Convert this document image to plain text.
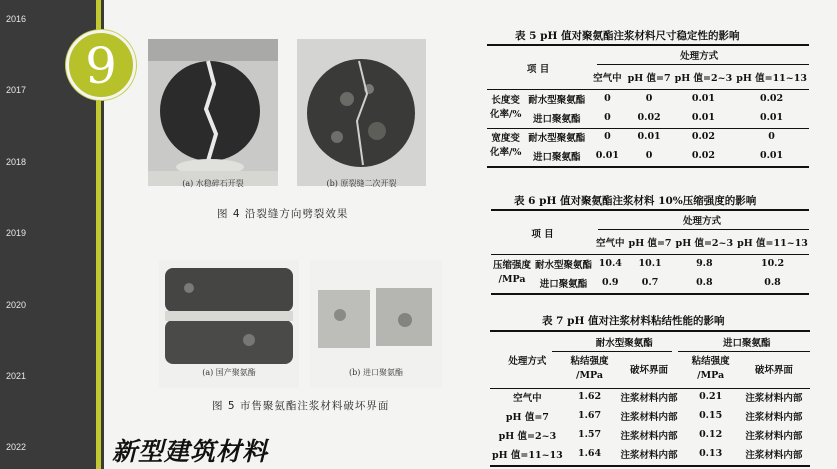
2016
2017
2018
2019
2020
2021
2022
9
(a) 水稳碎石开裂	(b) 原裂缝二次开裂
图 4 沿裂缝方向劈裂效果
(a) 国产聚氨酯	(b) 进口聚氨酯
图 5 市售聚氨酯注浆材料破坏界面
表 5 pH 值对聚氨酯注浆材料尺寸稳定性的影响
项 目		处理方式			
		空气中	pH 值=7	pH 值=2~3	pH 值=11~13
长度变
化率/%	耐水型聚氨酯	0	0	0.01	0.02
	进口聚氨酯	0	0.02	0.01	0.01
宽度变
化率/%	耐水型聚氨酯	0	0.01	0.02	0
	进口聚氨酯	0.01	0	0.02	0.01
表 6 pH 值对聚氨酯注浆材料 10%压缩强度的影响
项 目		处理方式			
		空气中	pH 值=7	pH 值=2~3	pH 值=11~13
压缩强度
/MPa	耐水型聚氨酯	10.4	10.1	9.8	10.2
	进口聚氨酯	0.9	0.7	0.8	0.8
表 7 pH 值对注浆材料粘结性能的影响
处理方式	耐水型聚氨酯		进口聚氨酯	
	粘结强度
/MPa	破坏界面	粘结强度
/MPa	破坏界面
空气中	1.62	注浆材料内部	0.21	注浆材料内部
pH 值=7	1.67	注浆材料内部	0.15	注浆材料内部
pH 值=2~3	1.57	注浆材料内部	0.12	注浆材料内部
pH 值=11~13	1.64	注浆材料内部	0.13	注浆材料内部
新型建筑材料
